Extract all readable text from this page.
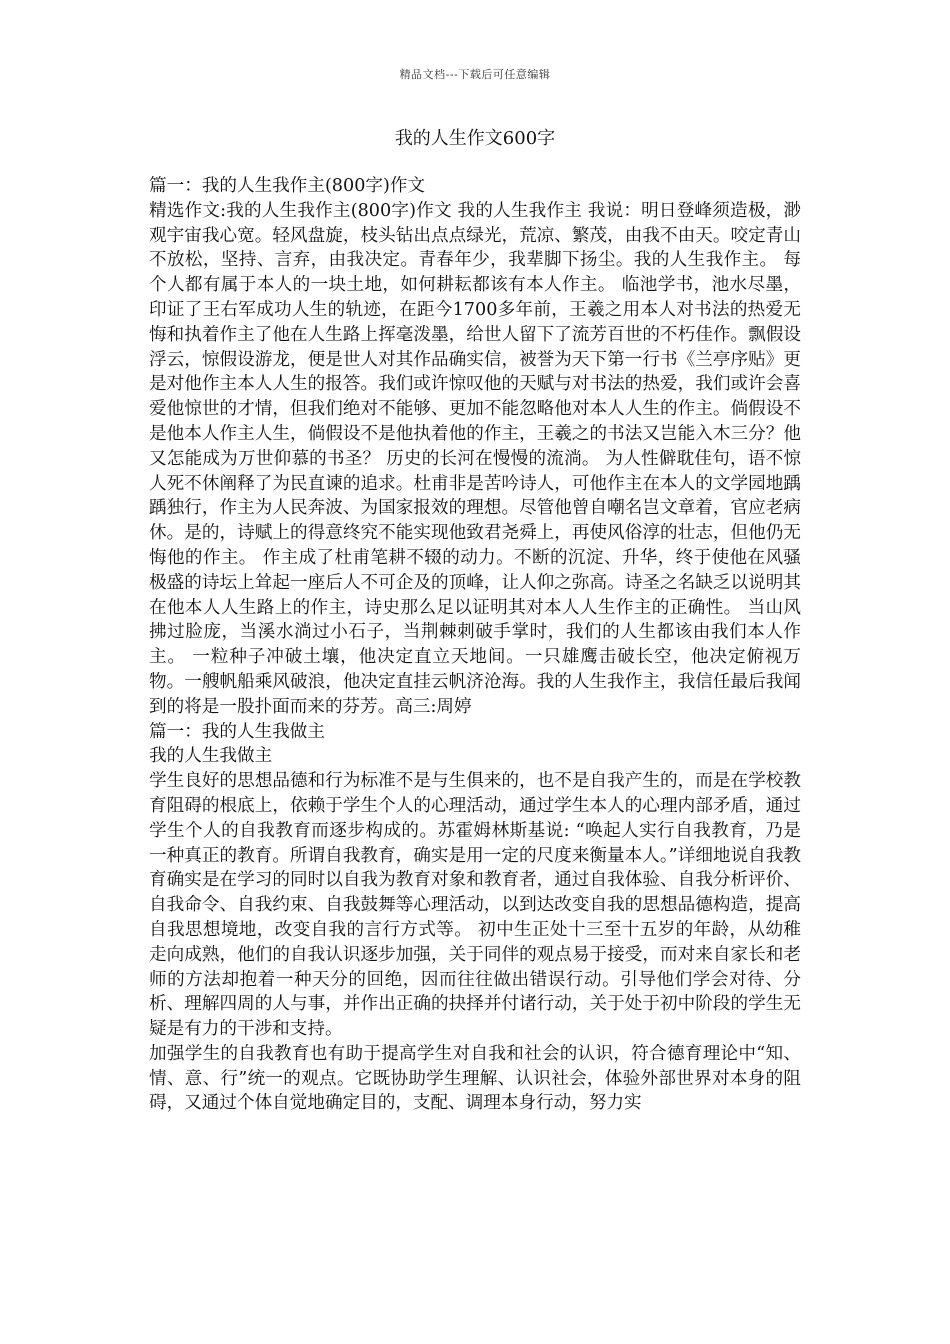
精品文档---下载后可任意编辑
我的人生作文600字

篇一：我的人生我作主(800字)作文

精选作文:我的人生我作主(800字)作文 我的人生我作主 我说：明日登峰须造极，渺观宇宙我心宽。轻风盘旋，枝头钻出点点绿光，荒凉、繁茂，由我不由天。咬定青山不放松，坚持、言弃，由我决定。青春年少，我辈脚下扬尘。我的人生我作主。 每个人都有属于本人的一块土地，如何耕耘都该有本人作主。 临池学书，池水尽墨，印证了王右军成功人生的轨迹，在距今1700多年前，王羲之用本人对书法的热爱无悔和执着作主了他在人生路上挥毫泼墨，给世人留下了流芳百世的不朽佳作。飘假设浮云，惊假设游龙，便是世人对其作品确实信，被誉为天下第一行书《兰亭序贴》更是对他作主本人人生的报答。我们或许惊叹他的天赋与对书法的热爱，我们或许会喜爱他惊世的才情，但我们绝对不能够、更加不能忽略他对本人人生的作主。倘假设不是他本人作主人生，倘假设不是他执着他的作主，王羲之的书法又岂能入木三分？他又怎能成为万世仰慕的书圣？ 历史的长河在慢慢的流淌。 为人性僻耽佳句，语不惊人死不休阐释了为民直谏的追求。杜甫非是苦吟诗人，可他作主在本人的文学园地踽踽独行，作主为人民奔波、为国家报效的理想。尽管他曾自嘲名岂文章着，官应老病休。是的，诗赋上的得意终究不能实现他致君尧舜上，再使风俗淳的壮志，但他仍无悔他的作主。 作主成了杜甫笔耕不辍的动力。不断的沉淀、升华，终于使他在风骚极盛的诗坛上耸起一座后人不可企及的顶峰，让人仰之弥高。诗圣之名缺乏以说明其在他本人人生路上的作主，诗史那么足以证明其对本人人生作主的正确性。 当山风拂过脸庞，当溪水淌过小石子，当荆棘刺破手掌时，我们的人生都该由我们本人作主。 一粒种子冲破土壤，他决定直立天地间。一只雄鹰击破长空，他决定俯视万物。一艘帆船乘风破浪，他决定直挂云帆济沧海。我的人生我作主，我信任最后我闻到的将是一股扑面而来的芬芳。高三:周婷

篇一：我的人生我做主

我的人生我做主

学生良好的思想品德和行为标准不是与生俱来的，也不是自我产生的，而是在学校教育阻碍的根底上，依赖于学生个人的心理活动，通过学生本人的心理内部矛盾，通过学生个人的自我教育而逐步构成的。苏霍姆林斯基说: “唤起人实行自我教育，乃是一种真正的教育。所谓自我教育，确实是用一定的尺度来衡量本人。”详细地说自我教育确实是在学习的同时以自我为教育对象和教育者，通过自我体验、自我分析评价、自我命令、自我约束、自我鼓舞等心理活动，以到达改变自我的思想品德构造，提高自我思想境地，改变自我的言行方式等。 初中生正处十三至十五岁的年龄，从幼稚走向成熟，他们的自我认识逐步加强，关于同伴的观点易于接受，而对来自家长和老师的方法却抱着一种天分的回绝，因而往往做出错误行动。引导他们学会对待、分析、理解四周的人与事，并作出正确的抉择并付诸行动，关于处于初中阶段的学生无疑是有力的干涉和支持。

加强学生的自我教育也有助于提高学生对自我和社会的认识，符合德育理论中“知、情、意、行”统一的观点。它既协助学生理解、认识社会，体验外部世界对本身的阻碍，又通过个体自觉地确定目的，支配、调理本身行动，努力实
